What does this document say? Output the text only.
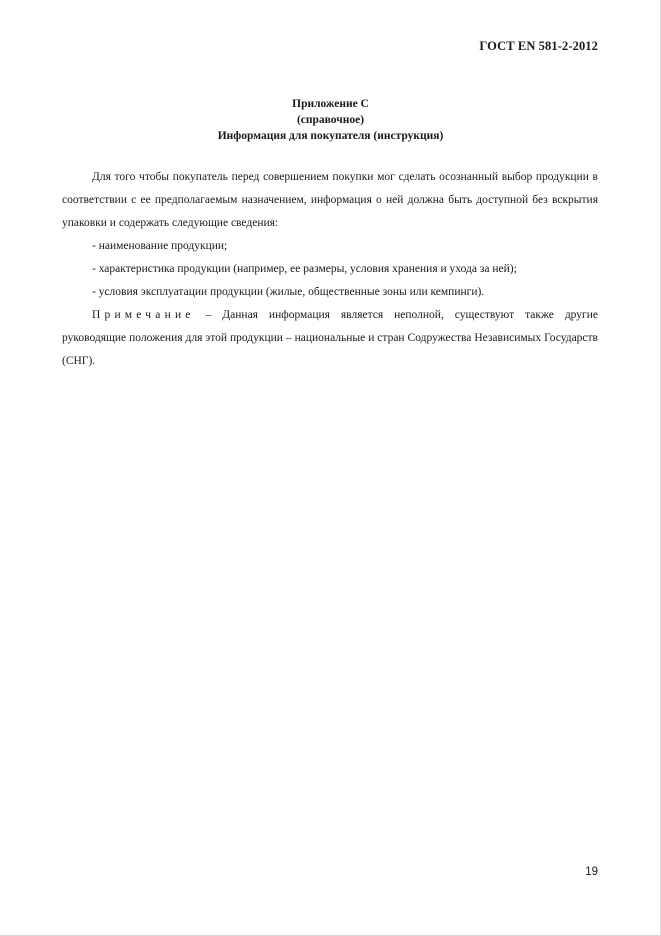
ГОСТ EN 581-2-2012
Приложение С
(справочное)
Информация для покупателя (инструкция)

Для того чтобы покупатель перед совершением покупки мог сделать осознанный выбор продукции в соответствии с ее предполагаемым назначением, информация о ней должна быть доступной без вскрытия упаковки и содержать следующие сведения:

- наименование продукции;

- характеристика продукции (например, ее размеры, условия хранения и ухода за ней);

- условия эксплуатации продукции (жилые, общественные зоны или кемпинги).

Примечание – Данная информация является неполной, существуют также другие руководящие положения для этой продукции – национальные и стран Содружества Независимых Государств (СНГ).

19
